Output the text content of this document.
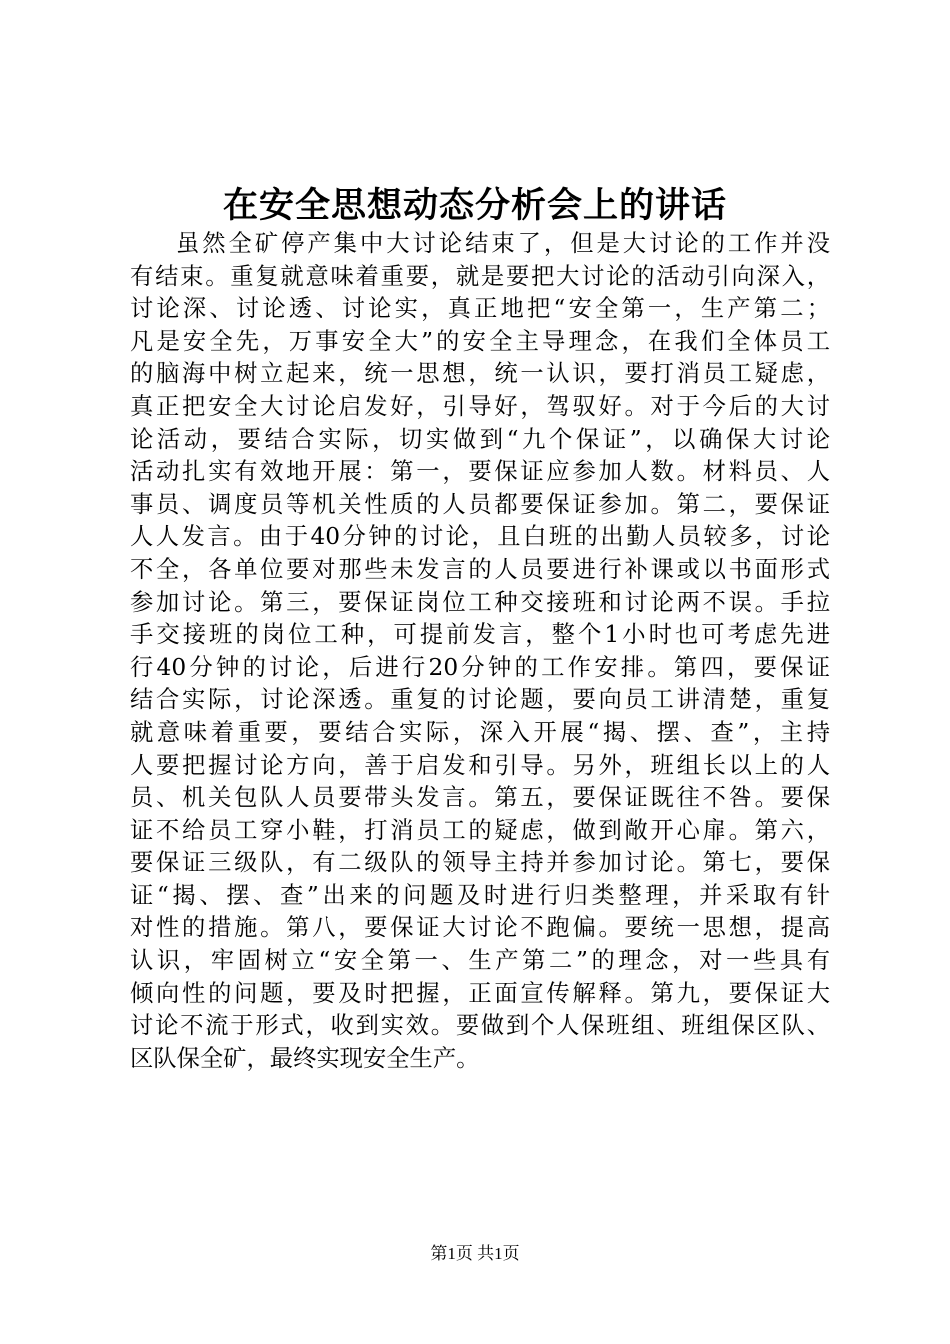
在安全思想动态分析会上的讲话
虽然全矿停产集中大讨论结束了，但是大讨论的工作并没
有结束。重复就意味着重要，就是要把大讨论的活动引向深入，
讨论深、讨论透、讨论实，真正地把“安全第一，生产第二；
凡是安全先，万事安全大”的安全主导理念，在我们全体员工
的脑海中树立起来，统一思想，统一认识，要打消员工疑虑，
真正把安全大讨论启发好，引导好，驾驭好。对于今后的大讨
论活动，要结合实际，切实做到“九个保证”，以确保大讨论
活动扎实有效地开展：第一，要保证应参加人数。材料员、人
事员、调度员等机关性质的人员都要保证参加。第二，要保证
人人发言。由于40分钟的讨论，且白班的出勤人员较多，讨论
不全，各单位要对那些未发言的人员要进行补课或以书面形式
参加讨论。第三，要保证岗位工种交接班和讨论两不误。手拉
手交接班的岗位工种，可提前发言，整个1小时也可考虑先进
行40分钟的讨论，后进行20分钟的工作安排。第四，要保证
结合实际，讨论深透。重复的讨论题，要向员工讲清楚，重复
就意味着重要，要结合实际，深入开展“揭、摆、查”，主持
人要把握讨论方向，善于启发和引导。另外，班组长以上的人
员、机关包队人员要带头发言。第五，要保证既往不咎。要保
证不给员工穿小鞋，打消员工的疑虑，做到敞开心扉。第六，
要保证三级队，有二级队的领导主持并参加讨论。第七，要保
证“揭、摆、查”出来的问题及时进行归类整理，并采取有针
对性的措施。第八，要保证大讨论不跑偏。要统一思想，提高
认识，牢固树立“安全第一、生产第二”的理念，对一些具有
倾向性的问题，要及时把握，正面宣传解释。第九，要保证大
讨论不流于形式，收到实效。要做到个人保班组、班组保区队、
区队保全矿，最终实现安全生产。
第1页 共1页
